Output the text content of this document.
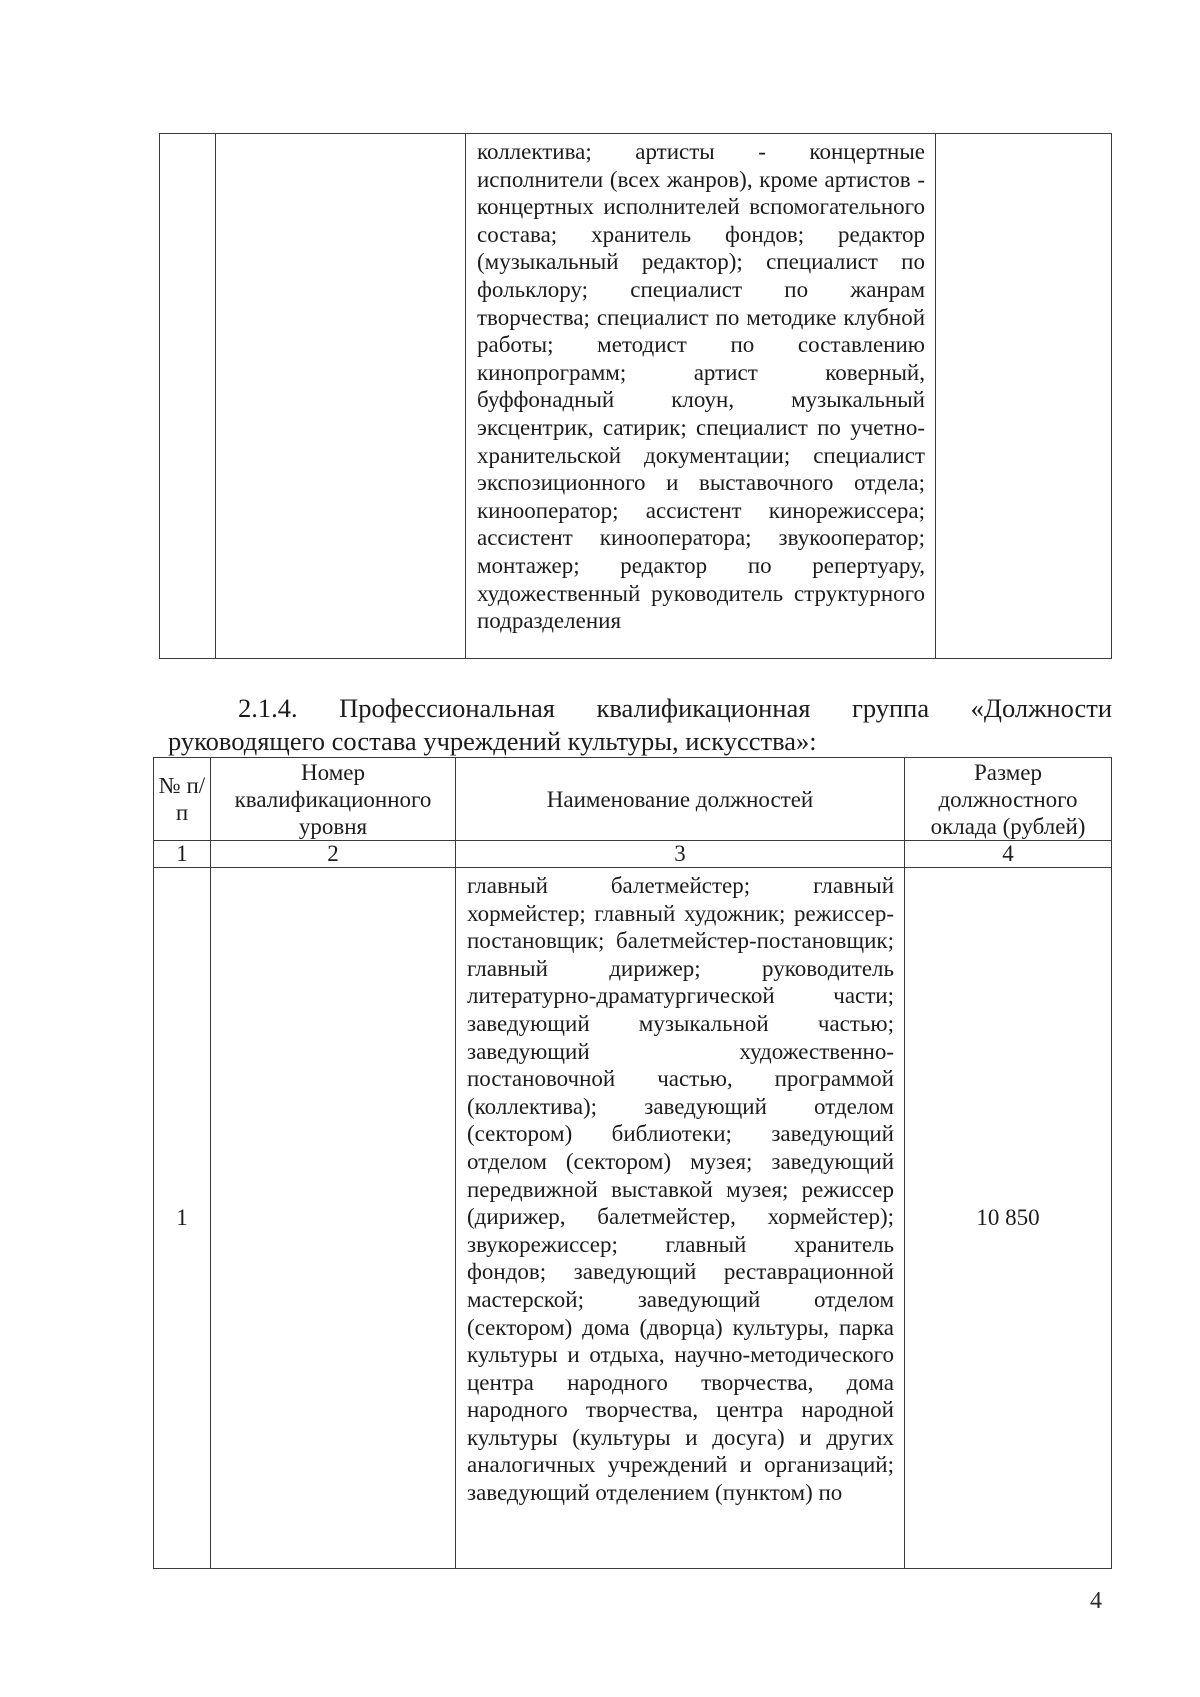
коллектива; артисты - концертные исполнители (всех жанров), кроме артистов - концертных исполнителей вспомогательного состава; хранитель фондов; редактор (музыкальный редактор); специалист по фольклору; специалист по жанрам творчества; специалист по методике клубной работы; методист по составлению кинопрограмм; артист коверный, буффонадный клоун, музыкальный эксцентрик, сатирик; специалист по учетно-хранительской документации; специалист экспозиционного и выставочного отдела; кинооператор; ассистент кинорежиссера; ассистент кинооператора; звукооператор; монтажер; редактор по репертуару, художественный руководитель структурного подразделения

2.1.4. Профессиональная квалификационная группа «Должности руководящего состава учреждений культуры, искусства»:
№ п/п	Номер квалификационного уровня	Наименование должностей	Размер должностного оклада (рублей)
1	2	3	4
1		главный балетмейстер; главный хормейстер; главный художник; режиссер-постановщик; балетмейстер-постановщик; главный дирижер; руководитель литературно-драматургической части; заведующий музыкальной частью; заведующий художественно-постановочной частью, программой (коллектива); заведующий отделом (сектором) библиотеки; заведующий отделом (сектором) музея; заведующий передвижной выставкой музея; режиссер (дирижер, балетмейстер, хормейстер); звукорежиссер; главный хранитель фондов; заведующий реставрационной мастерской; заведующий отделом (сектором) дома (дворца) культуры, парка культуры и отдыха, научно-методического центра народного творчества, дома народного творчества, центра народной культуры (культуры и досуга) и других аналогичных учреждений и организаций; заведующий отделением (пунктом) по	10 850
4
